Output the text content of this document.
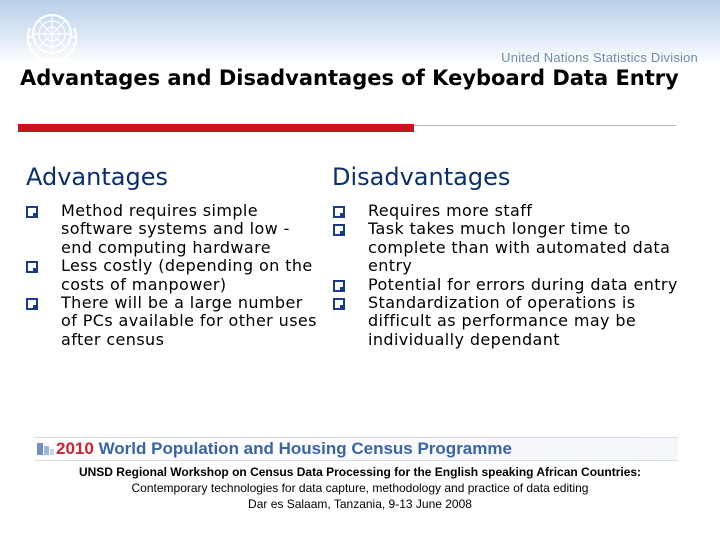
United Nations Statistics Division
Advantages and Disadvantages of Keyboard Data Entry
Advantages
Method requires simple software systems and low -end computing hardware
Less costly (depending on the costs of manpower)
There will be a large number of PCs available for other uses after census
Disadvantages
Requires more staff
Task takes much longer time to complete than with automated data entry
Potential for errors during data entry
Standardization of operations is difficult as performance may be individually dependant
2010 World Population and Housing Census Programme
UNSD Regional Workshop on Census Data Processing for the English speaking African Countries:
Contemporary technologies for data capture, methodology and practice of data editing
Dar es Salaam, Tanzania, 9-13 June 2008
